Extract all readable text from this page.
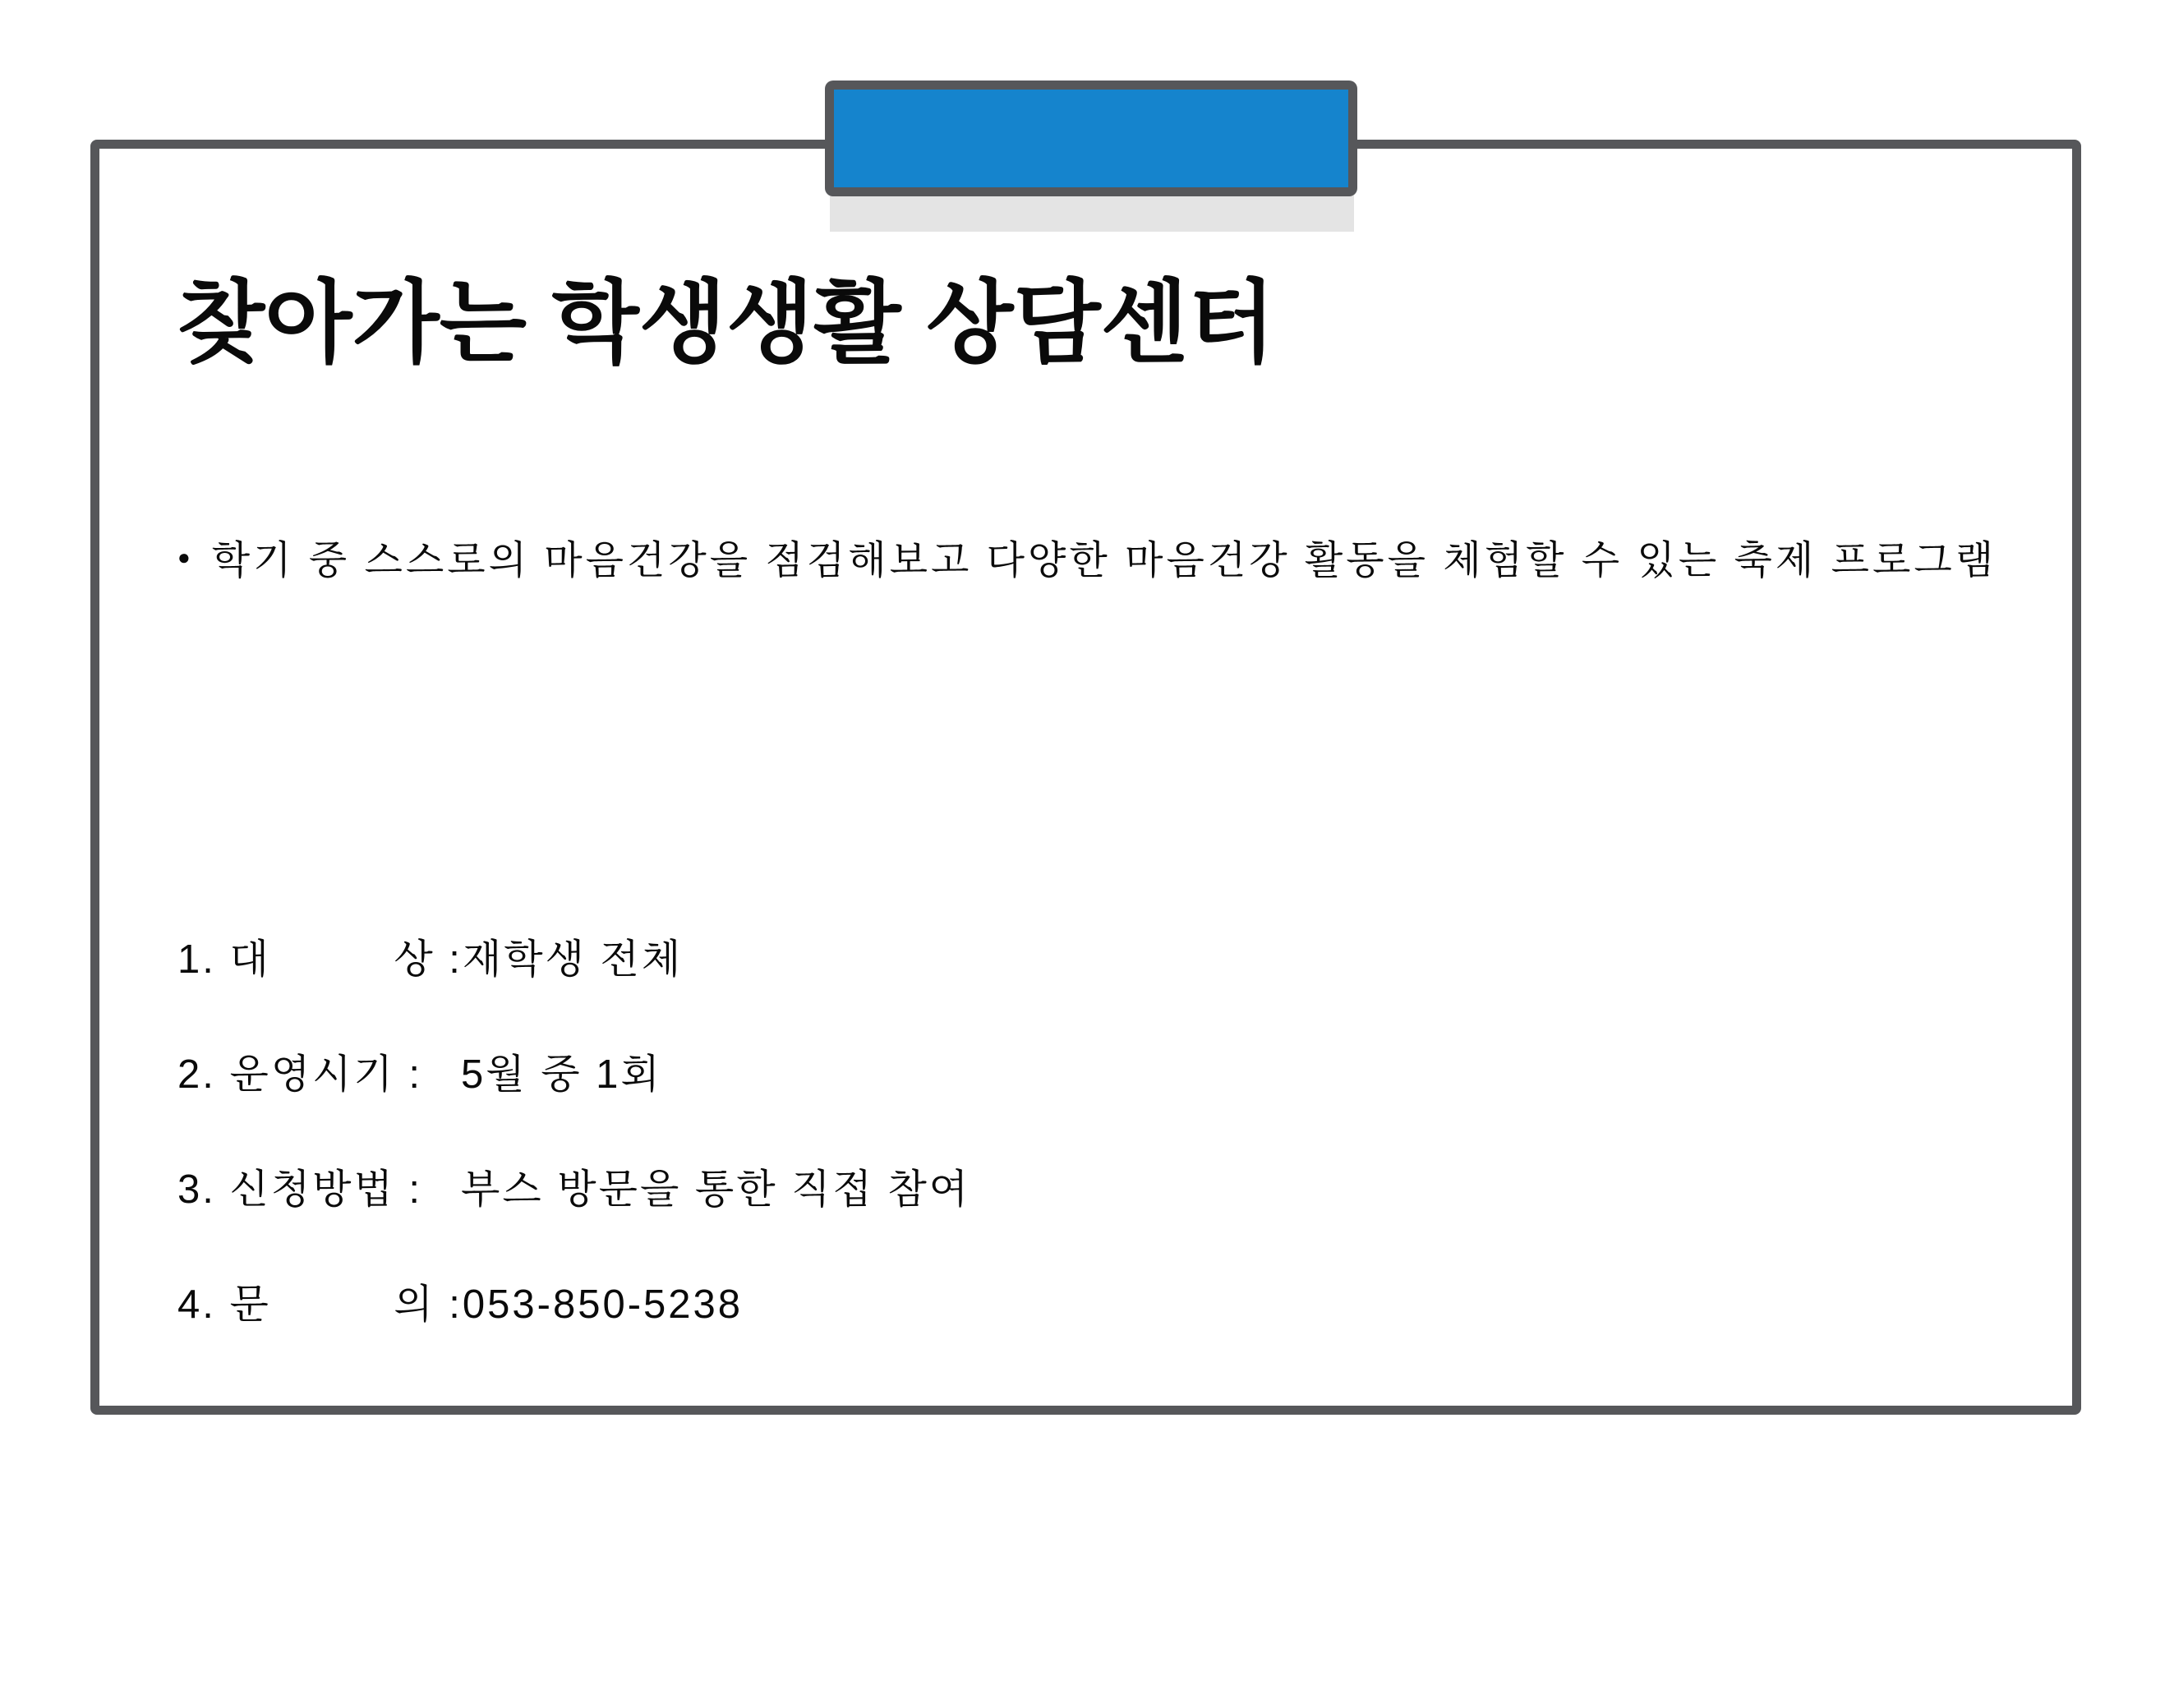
찾아가는 학생생활 상담센터
● 학기 중 스스로의 마음건강을 점검해보고 다양한 마음건강 활동을 체험할 수 있는 축제 프로그램
1. 대         상 : 재학생 전체
2. 운영시기 : 5월 중 1회
3. 신청방법 : 부스 방문을 통한 직접 참여
4. 문         의 : 053-850-5238
